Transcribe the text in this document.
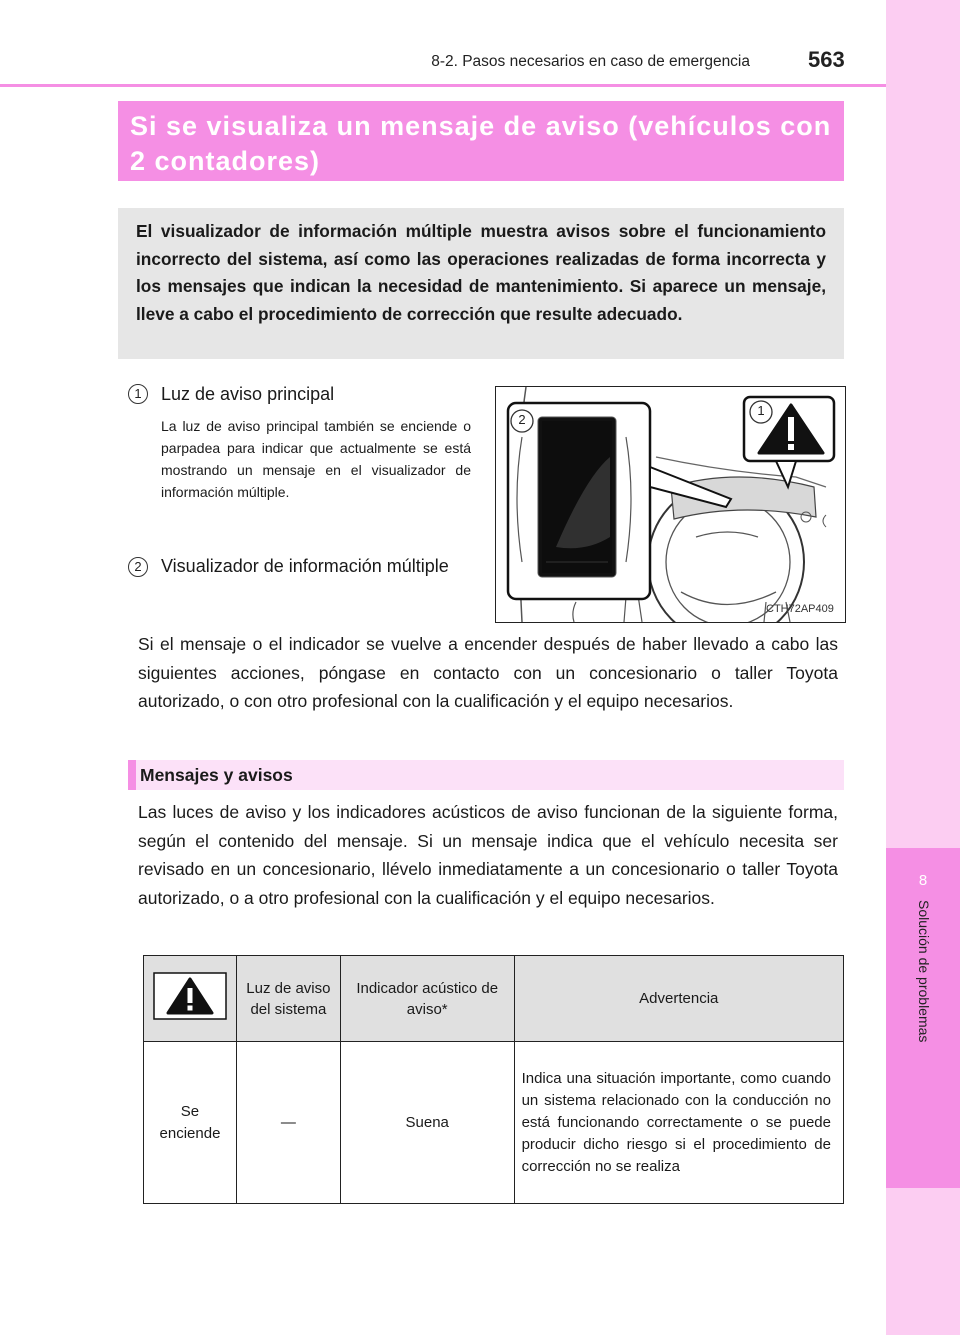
8
Solución de problemas
8-2. Pasos necesarios en caso de emergencia	563
Si se visualiza un mensaje de aviso (vehículos con 2 contadores)
El visualizador de información múltiple muestra avisos sobre el funcionamiento incorrecto del sistema, así como las operaciones realizadas de forma incorrecta y los mensajes que indican la necesidad de mantenimiento. Si aparece un mensaje, lleve a cabo el procedimiento de corrección que resulte adecuado.
1	Luz de aviso principal
La luz de aviso principal también se enciende o parpadea para indicar que actualmente se está mostrando un mensaje en el visualizador de información múltiple.
2	Visualizador de información múltiple
2
1
CTH72AP409
Si el mensaje o el indicador se vuelve a encender después de haber llevado a cabo las siguientes acciones, póngase en contacto con un concesionario o taller Toyota autorizado, o con otro profesional con la cualificación y el equipo necesarios.
Mensajes y avisos
Las luces de aviso y los indicadores acústicos de aviso funcionan de la siguiente forma, según el contenido del mensaje. Si un mensaje indica que el vehículo necesita ser revisado en un concesionario, llévelo inmediatamente a un concesionario o taller Toyota autorizado, o a otro profesional con la cualificación y el equipo necesarios.
	Luz de aviso del sistema	Indicador acústico de aviso*	Advertencia
Se enciende	—	Suena	Indica una situación importante, como cuando un sistema relacionado con la conducción no está funcionando correctamente o se puede producir dicho riesgo si el procedimiento de corrección no se realiza
